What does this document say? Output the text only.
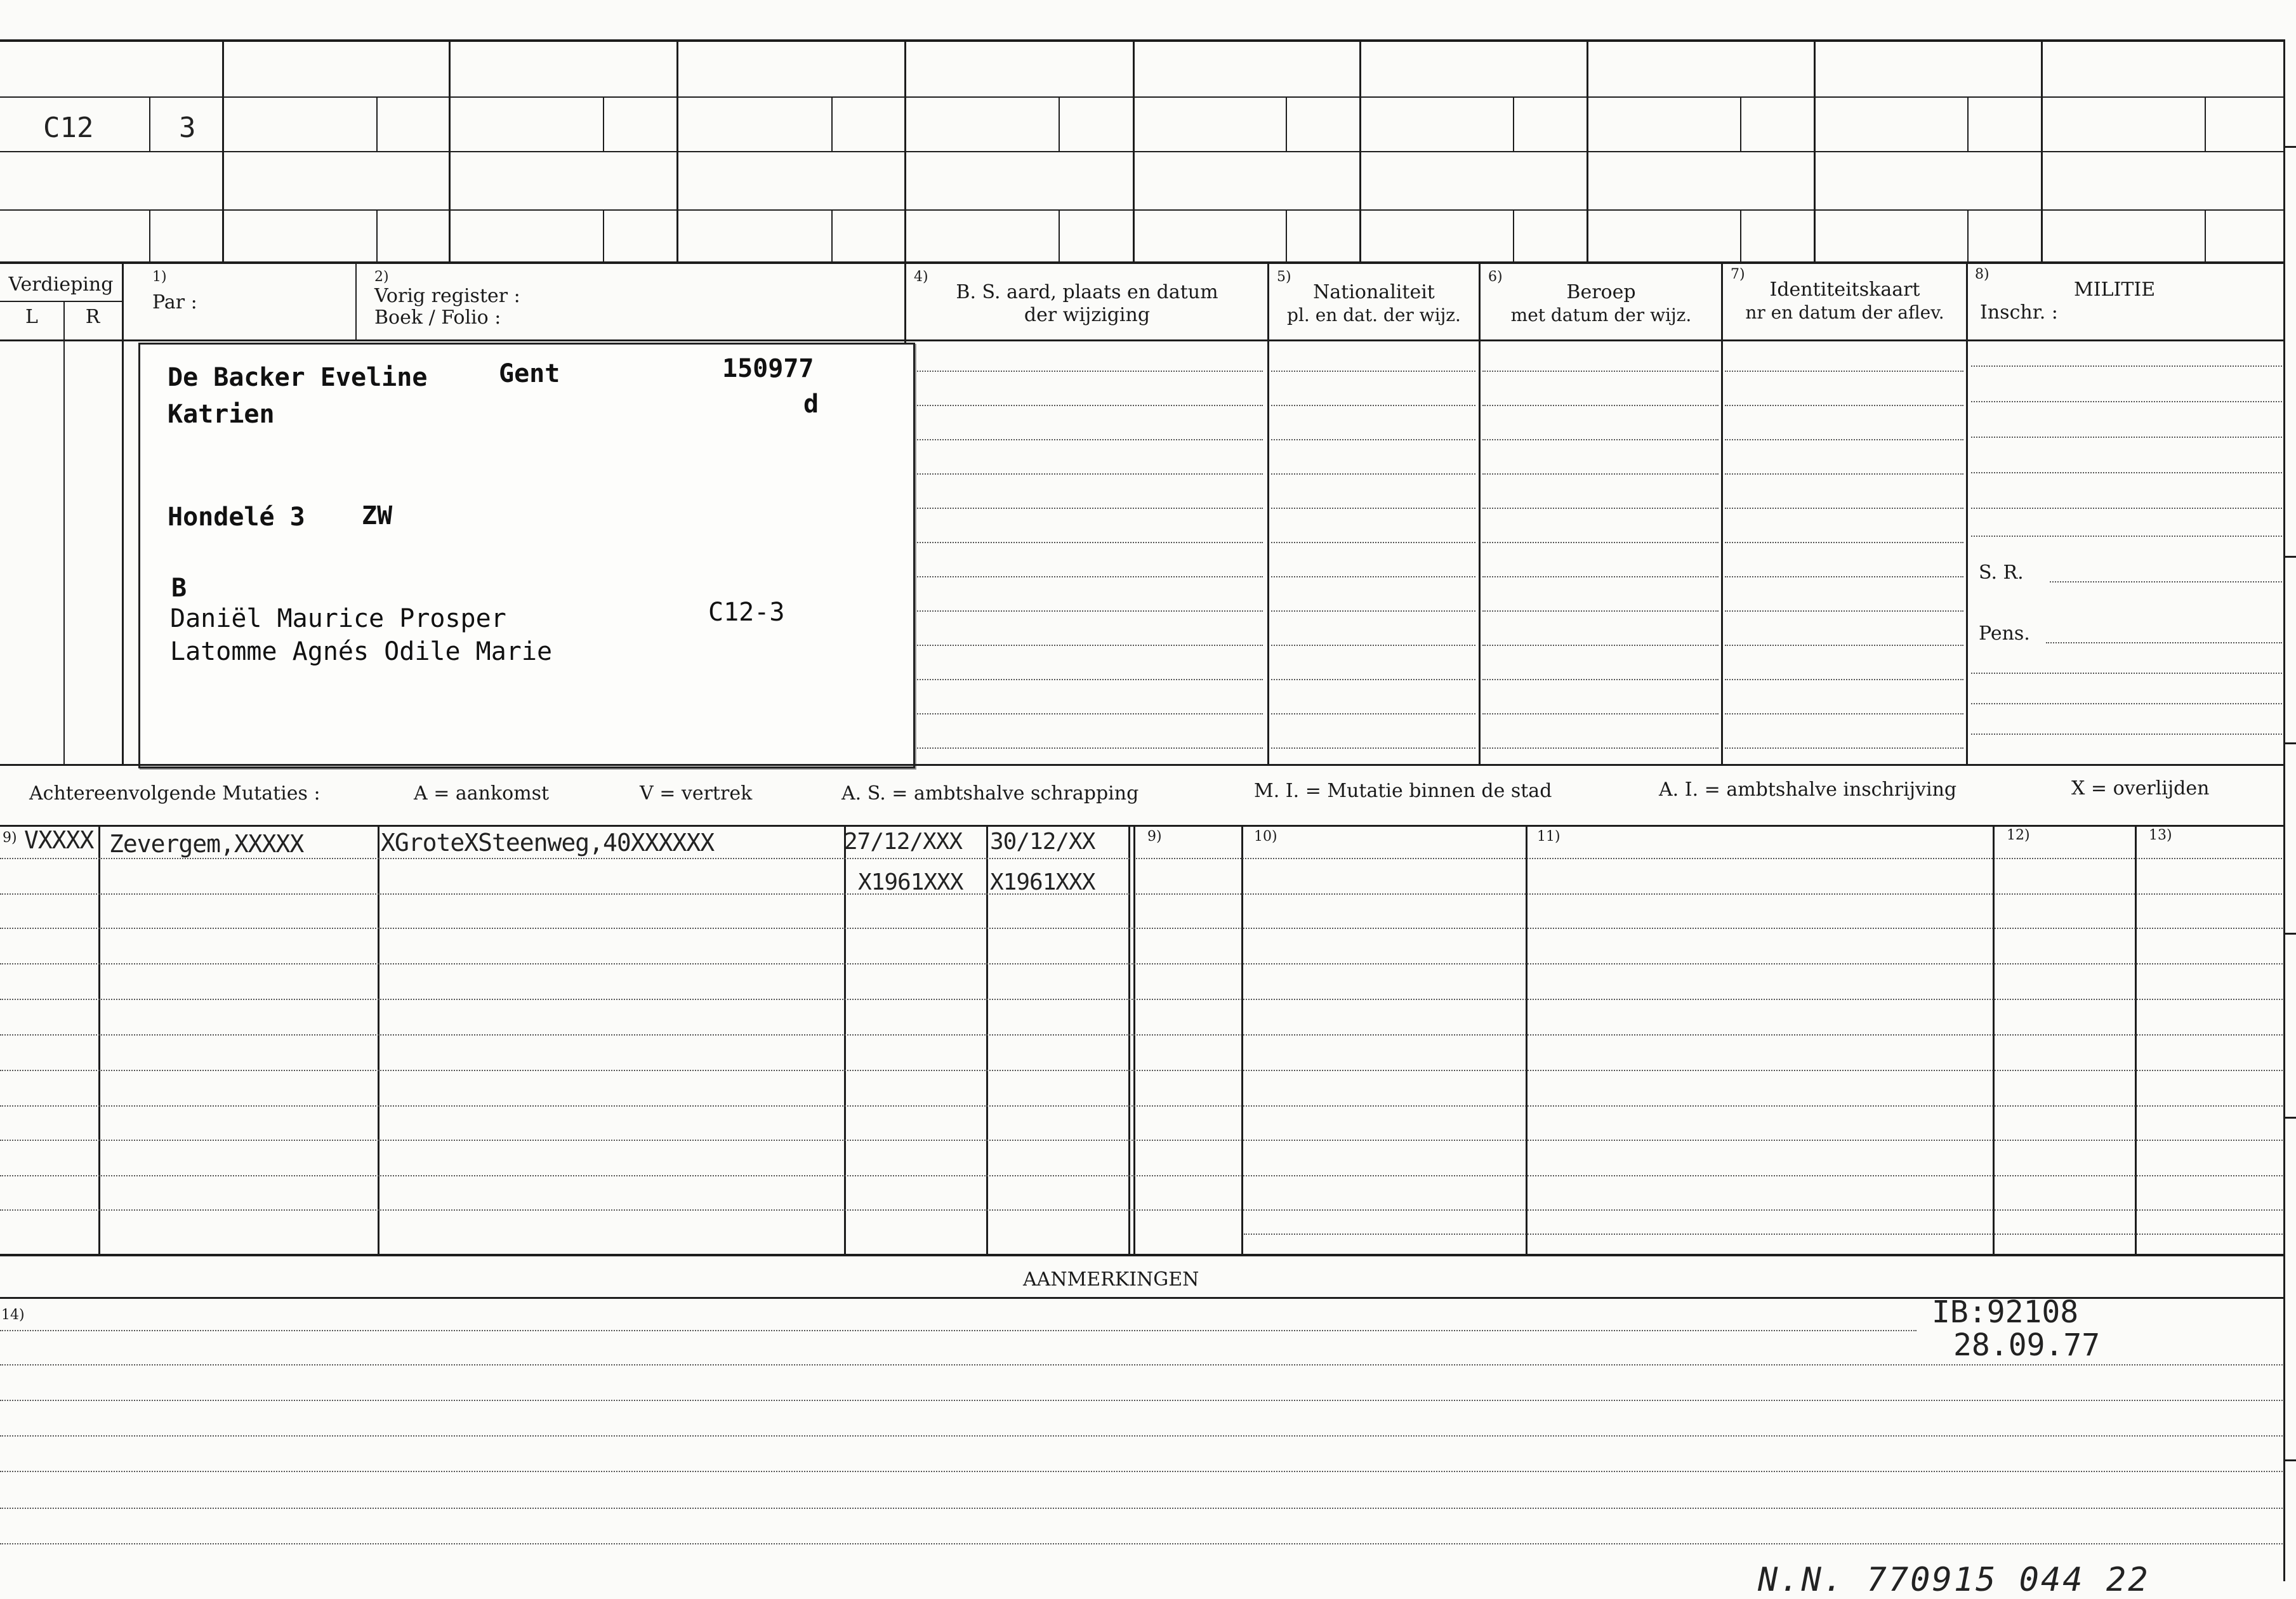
C12	3
Verdieping
L	R
1)
Par :
2)
Vorig register :
Boek / Folio :
4)
B. S. aard, plaats en datum
der wijziging
5)
Nationaliteit
pl. en dat. der wijz.
6)
Beroep
met datum der wijz.
7)
Identiteitskaart
nr en datum der aflev.
8)
MILITIE
Inschr. :
S. R.
Pens.
De Backer Eveline	Gent	150977
d
Katrien
Hondelé 3 ZW
B
Daniël Maurice Prosper
Latomme Agnés Odile Marie
C12-3
Achtereenvolgende Mutaties :	A = aankomst	V = vertrek	A. S. = ambtshalve schrapping	M. I. = Mutatie binnen de stad	A. I. = ambtshalve inschrijving	X = overlijden
9)	9)	10)	11)	12)	13)
VXXXX Zevergem,XXXXX	XGroteXSteenweg,40XXXXXX	27/12/XXX 30/12/XX
X1961XXX X1961XXX
AANMERKINGEN
14)	IB:92108
28.09.77
N.N. 770915 044 22
